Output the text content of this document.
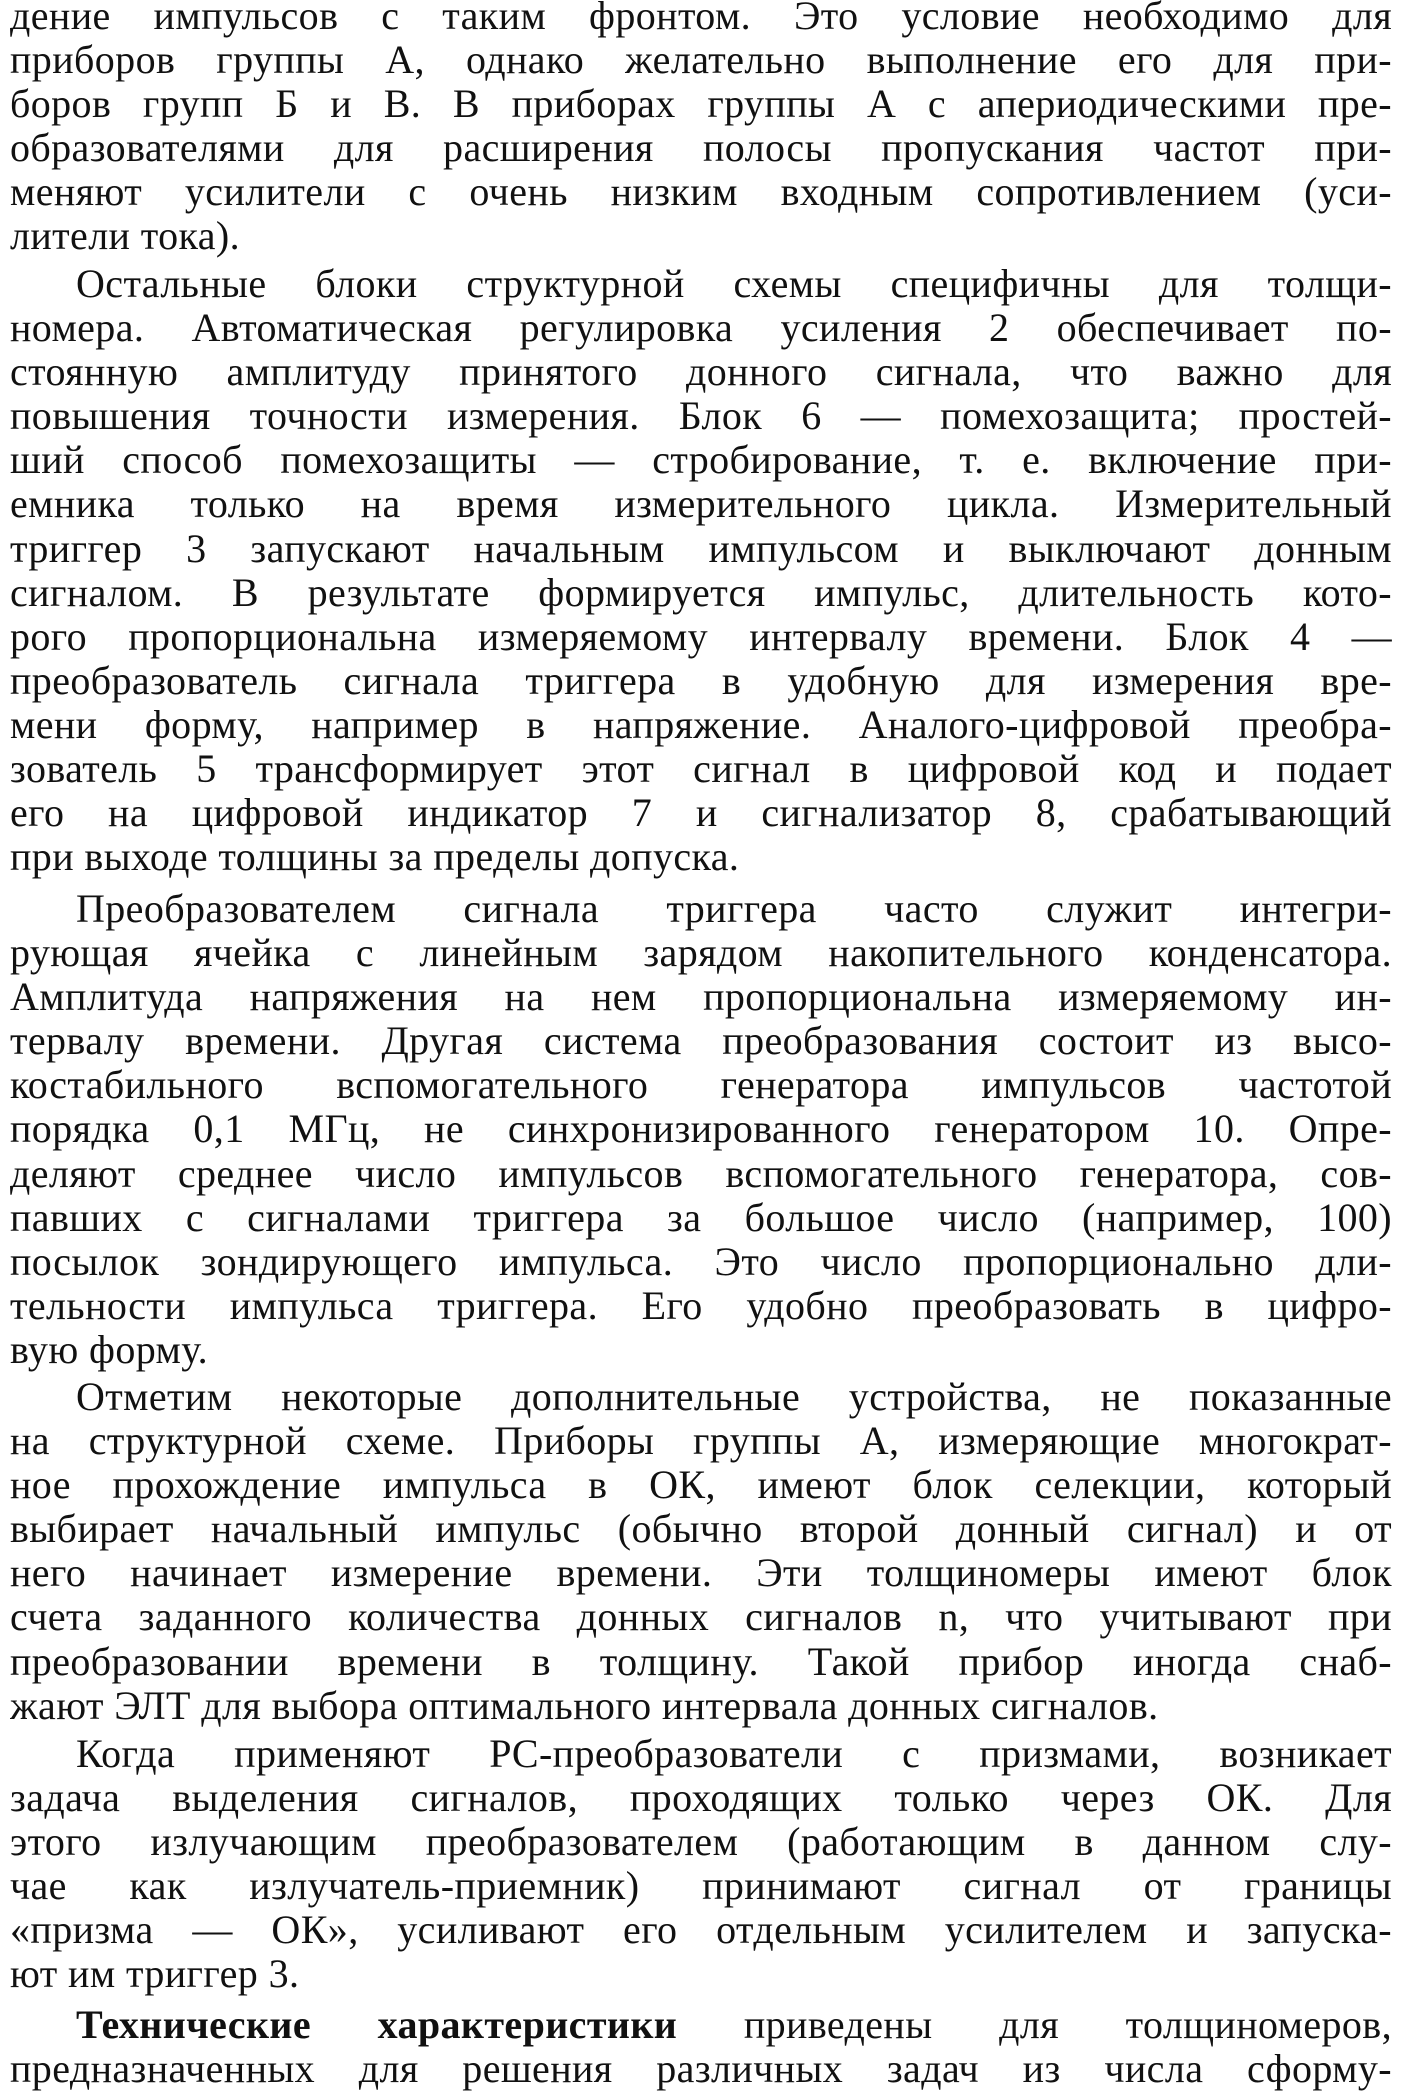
дение импульсов с таким фронтом. Это условие необходимо для
приборов группы А, однако желательно выполнение его для при-
боров групп Б и В. В приборах группы А с апериодическими пре-
образователями для расширения полосы пропускания частот при-
меняют усилители с очень низким входным сопротивлением (уси-
лители тока).
Остальные блоки структурной схемы специфичны для толщи-
номера. Автоматическая регулировка усиления 2 обеспечивает по-
стоянную амплитуду принятого донного сигнала, что важно для
повышения точности измерения. Блок 6 — помехозащита; простей-
ший способ помехозащиты — стробирование, т. е. включение при-
емника только на время измерительного цикла. Измерительный
триггер 3 запускают начальным импульсом и выключают донным
сигналом. В результате формируется импульс, длительность кото-
рого пропорциональна измеряемому интервалу времени. Блок 4 —
преобразователь сигнала триггера в удобную для измерения вре-
мени форму, например в напряжение. Аналого-цифровой преобра-
зователь 5 трансформирует этот сигнал в цифровой код и подает
его на цифровой индикатор 7 и сигнализатор 8, срабатывающий
при выходе толщины за пределы допуска.
Преобразователем сигнала триггера часто служит интегри-
рующая ячейка с линейным зарядом накопительного конденсатора.
Амплитуда напряжения на нем пропорциональна измеряемому ин-
тервалу времени. Другая система преобразования состоит из высо-
костабильного вспомогательного генератора импульсов частотой
порядка 0,1 МГц, не синхронизированного генератором 10. Опре-
деляют среднее число импульсов вспомогательного генератора, сов-
павших с сигналами триггера за большое число (например, 100)
посылок зондирующего импульса. Это число пропорционально дли-
тельности импульса триггера. Его удобно преобразовать в цифро-
вую форму.
Отметим некоторые дополнительные устройства, не показанные
на структурной схеме. Приборы группы А, измеряющие многократ-
ное прохождение импульса в ОК, имеют блок селекции, который
выбирает начальный импульс (обычно второй донный сигнал) и от
него начинает измерение времени. Эти толщиномеры имеют блок
счета заданного количества донных сигналов n, что учитывают при
преобразовании времени в толщину. Такой прибор иногда снаб-
жают ЭЛТ для выбора оптимального интервала донных сигналов.
Когда применяют PC-преобразователи с призмами, возникает
задача выделения сигналов, проходящих только через ОК. Для
этого излучающим преобразователем (работающим в данном слу-
чае как излучатель-приемник) принимают сигнал от границы
«призма — ОК», усиливают его отдельным усилителем и запуска-
ют им триггер 3.
Технические характеристики приведены для толщиномеров,
предназначенных для решения различных задач из числа сформу-
